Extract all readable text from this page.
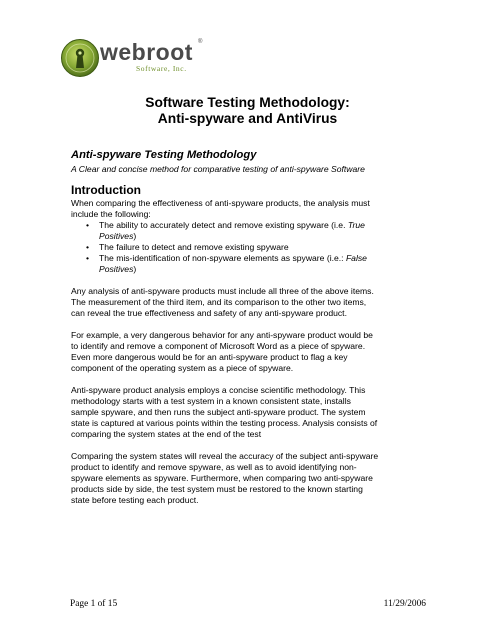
webroot ®
Software, Inc.
Software Testing Methodology:
Anti-spyware and AntiVirus
Anti-spyware Testing Methodology
A Clear and concise method for comparative testing of anti-spyware Software
Introduction
When comparing the effectiveness of anti-spyware products, the analysis must
include the following:
• The ability to accurately detect and remove existing spyware (i.e. True
Positives)
• The failure to detect and remove existing spyware
• The mis-identification of non-spyware elements as spyware (i.e.: False
Positives)
Any analysis of anti-spyware products must include all three of the above items.
The measurement of the third item, and its comparison to the other two items,
can reveal the true effectiveness and safety of any anti-spyware product.
For example, a very dangerous behavior for any anti-spyware product would be
to identify and remove a component of Microsoft Word as a piece of spyware.
Even more dangerous would be for an anti-spyware product to flag a key
component of the operating system as a piece of spyware.
Anti-spyware product analysis employs a concise scientific methodology. This
methodology starts with a test system in a known consistent state, installs
sample spyware, and then runs the subject anti-spyware product. The system
state is captured at various points within the testing process. Analysis consists of
comparing the system states at the end of the test
Comparing the system states will reveal the accuracy of the subject anti-spyware
product to identify and remove spyware, as well as to avoid identifying non-
spyware elements as spyware. Furthermore, when comparing two anti-spyware
products side by side, the test system must be restored to the known starting
state before testing each product.
Page 1 of 15	11/29/2006
